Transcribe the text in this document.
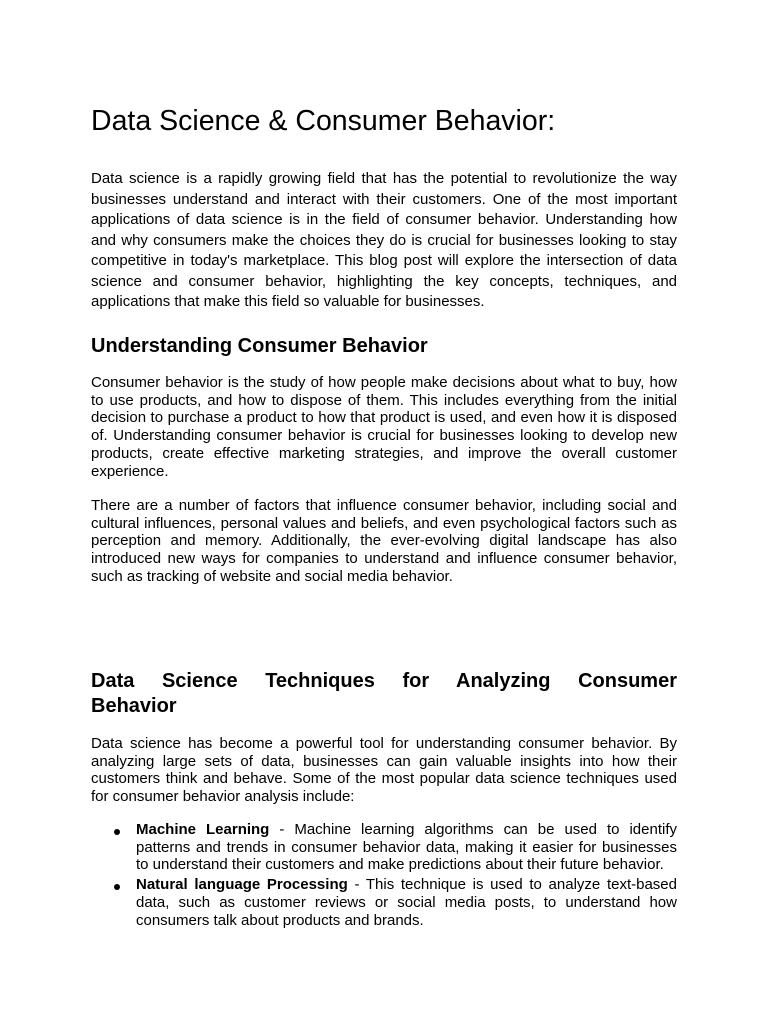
Data Science & Consumer Behavior:

Data science is a rapidly growing field that has the potential to revolutionize the way businesses understand and interact with their customers. One of the most important applications of data science is in the field of consumer behavior. Understanding how and why consumers make the choices they do is crucial for businesses looking to stay competitive in today's marketplace. This blog post will explore the intersection of data science and consumer behavior, highlighting the key concepts, techniques, and applications that make this field so valuable for businesses.

Understanding Consumer Behavior

Consumer behavior is the study of how people make decisions about what to buy, how to use products, and how to dispose of them. This includes everything from the initial decision to purchase a product to how that product is used, and even how it is disposed of. Understanding consumer behavior is crucial for businesses looking to develop new products, create effective marketing strategies, and improve the overall customer experience.

There are a number of factors that influence consumer behavior, including social and cultural influences, personal values and beliefs, and even psychological factors such as perception and memory. Additionally, the ever-evolving digital landscape has also introduced new ways for companies to understand and influence consumer behavior, such as tracking of website and social media behavior.

Data Science Techniques for Analyzing Consumer
Behavior

Data science has become a powerful tool for understanding consumer behavior. By analyzing large sets of data, businesses can gain valuable insights into how their customers think and behave. Some of the most popular data science techniques used for consumer behavior analysis include:

Machine Learning - Machine learning algorithms can be used to identify patterns and trends in consumer behavior data, making it easier for businesses to understand their customers and make predictions about their future behavior.
Natural language Processing - This technique is used to analyze text-based data, such as customer reviews or social media posts, to understand how consumers talk about products and brands.
